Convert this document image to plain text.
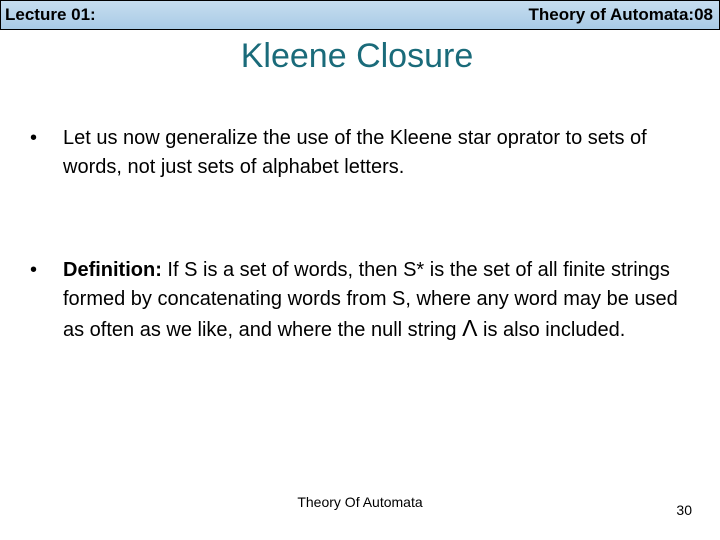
Lecture 01:	Theory of Automata:08
Kleene Closure
• Let us now generalize the use of the Kleene star oprator to sets of words, not just sets of alphabet letters.
• Definition: If S is a set of words, then S* is the set of all finite strings formed by concatenating words from S, where any word may be used as often as we like, and where the null string Λ is also included.
Theory Of Automata	30
